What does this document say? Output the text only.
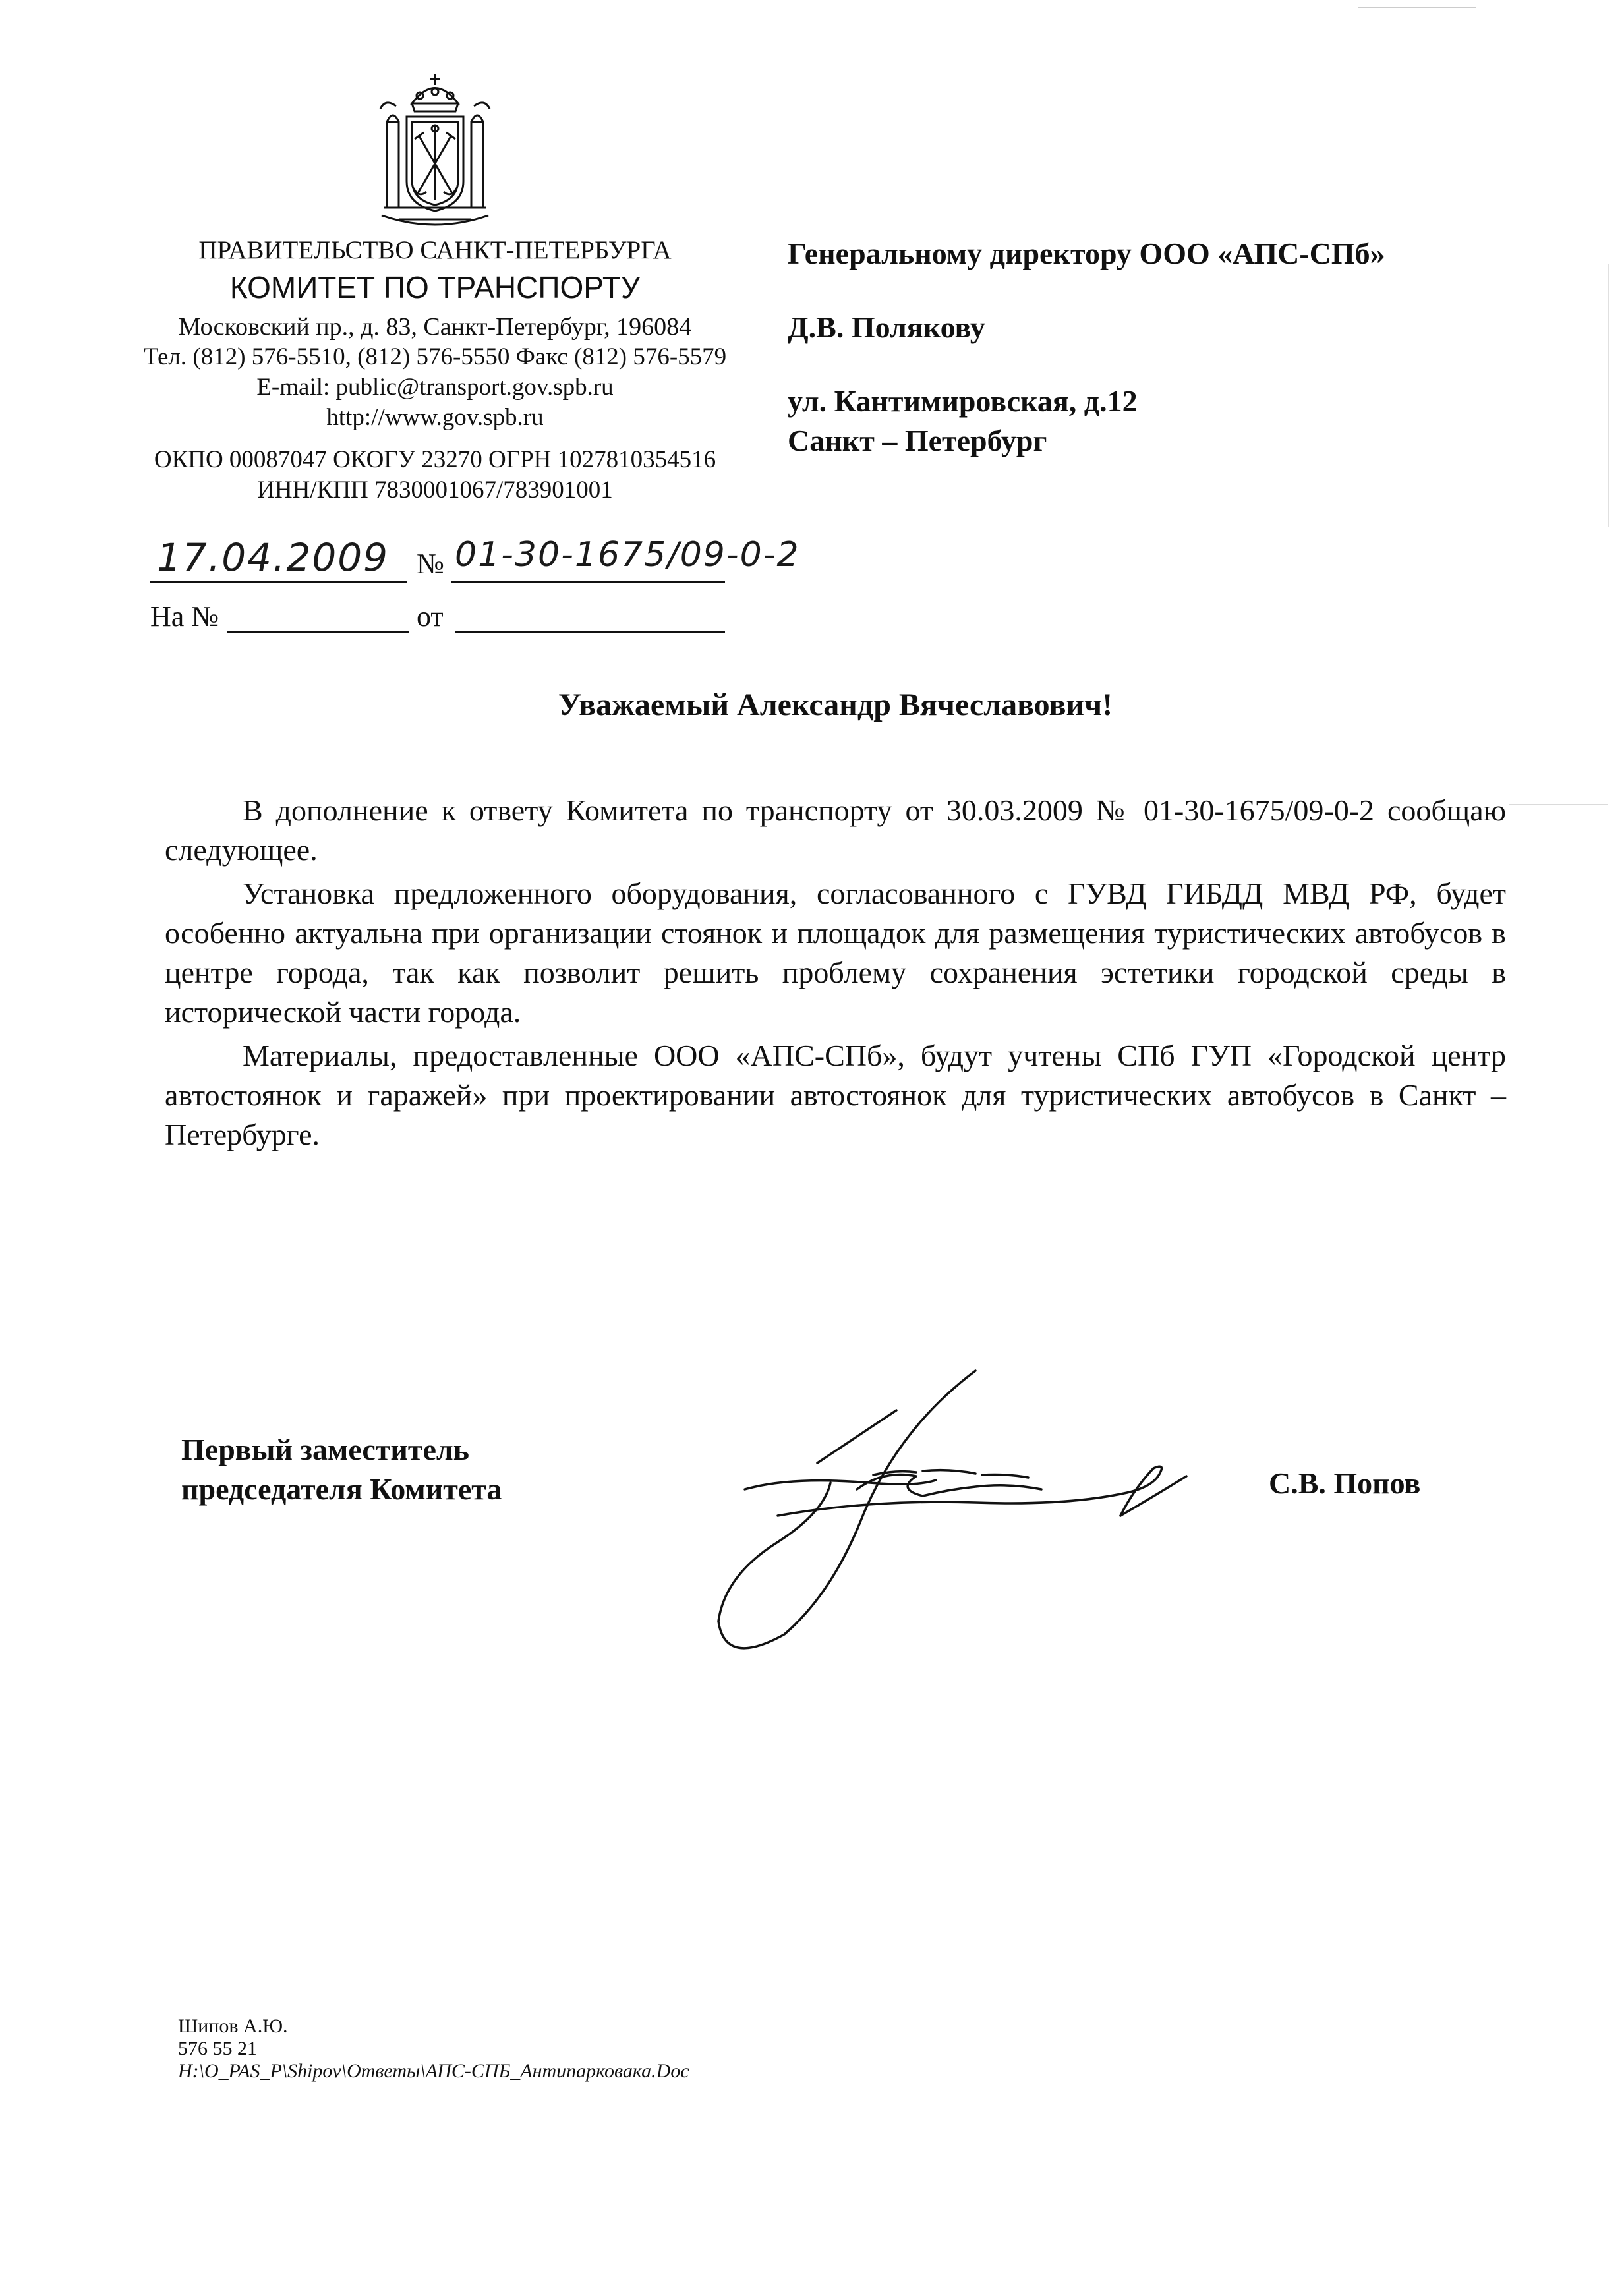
ПРАВИТЕЛЬСТВО САНКТ-ПЕТЕРБУРГА
КОМИТЕТ ПО ТРАНСПОРТУ
Московский пр., д. 83, Санкт-Петербург, 196084
Тел. (812) 576-5510, (812) 576-5550 Факс (812) 576-5579
E-mail: public@transport.gov.spb.ru
http://www.gov.spb.ru
ОКПО 00087047 ОКОГУ 23270 ОГРН 1027810354516
ИНН/КПП 7830001067/783901001
17.04.2009 № 01-30-1675/09-0-2
На №	от
Генеральному директору ООО «АПС-СПб»
Д.В. Полякову
ул. Кантимировская, д.12
Санкт – Петербург
Уважаемый Александр Вячеславович!

В дополнение к ответу Комитета по транспорту от 30.03.2009 № 01-30-1675/09-0-2 сообщаю следующее.

Установка предложенного оборудования, согласованного с ГУВД ГИБДД МВД РФ, будет особенно актуальна при организации стоянок и площадок для размещения туристических автобусов в центре города, так как позволит решить проблему сохранения эстетики городской среды в исторической части города.

Материалы, предоставленные ООО «АПС-СПб», будут учтены СПб ГУП «Городской центр автостоянок и гаражей» при проектировании автостоянок для туристических автобусов в Санкт – Петербурге.

Первый заместитель
председателя Комитета	С.В. Попов
Шипов А.Ю.
576 55 21
H:\O_PAS_P\Shipov\Ответы\АПС-СПБ_Антипарковака.Doc
